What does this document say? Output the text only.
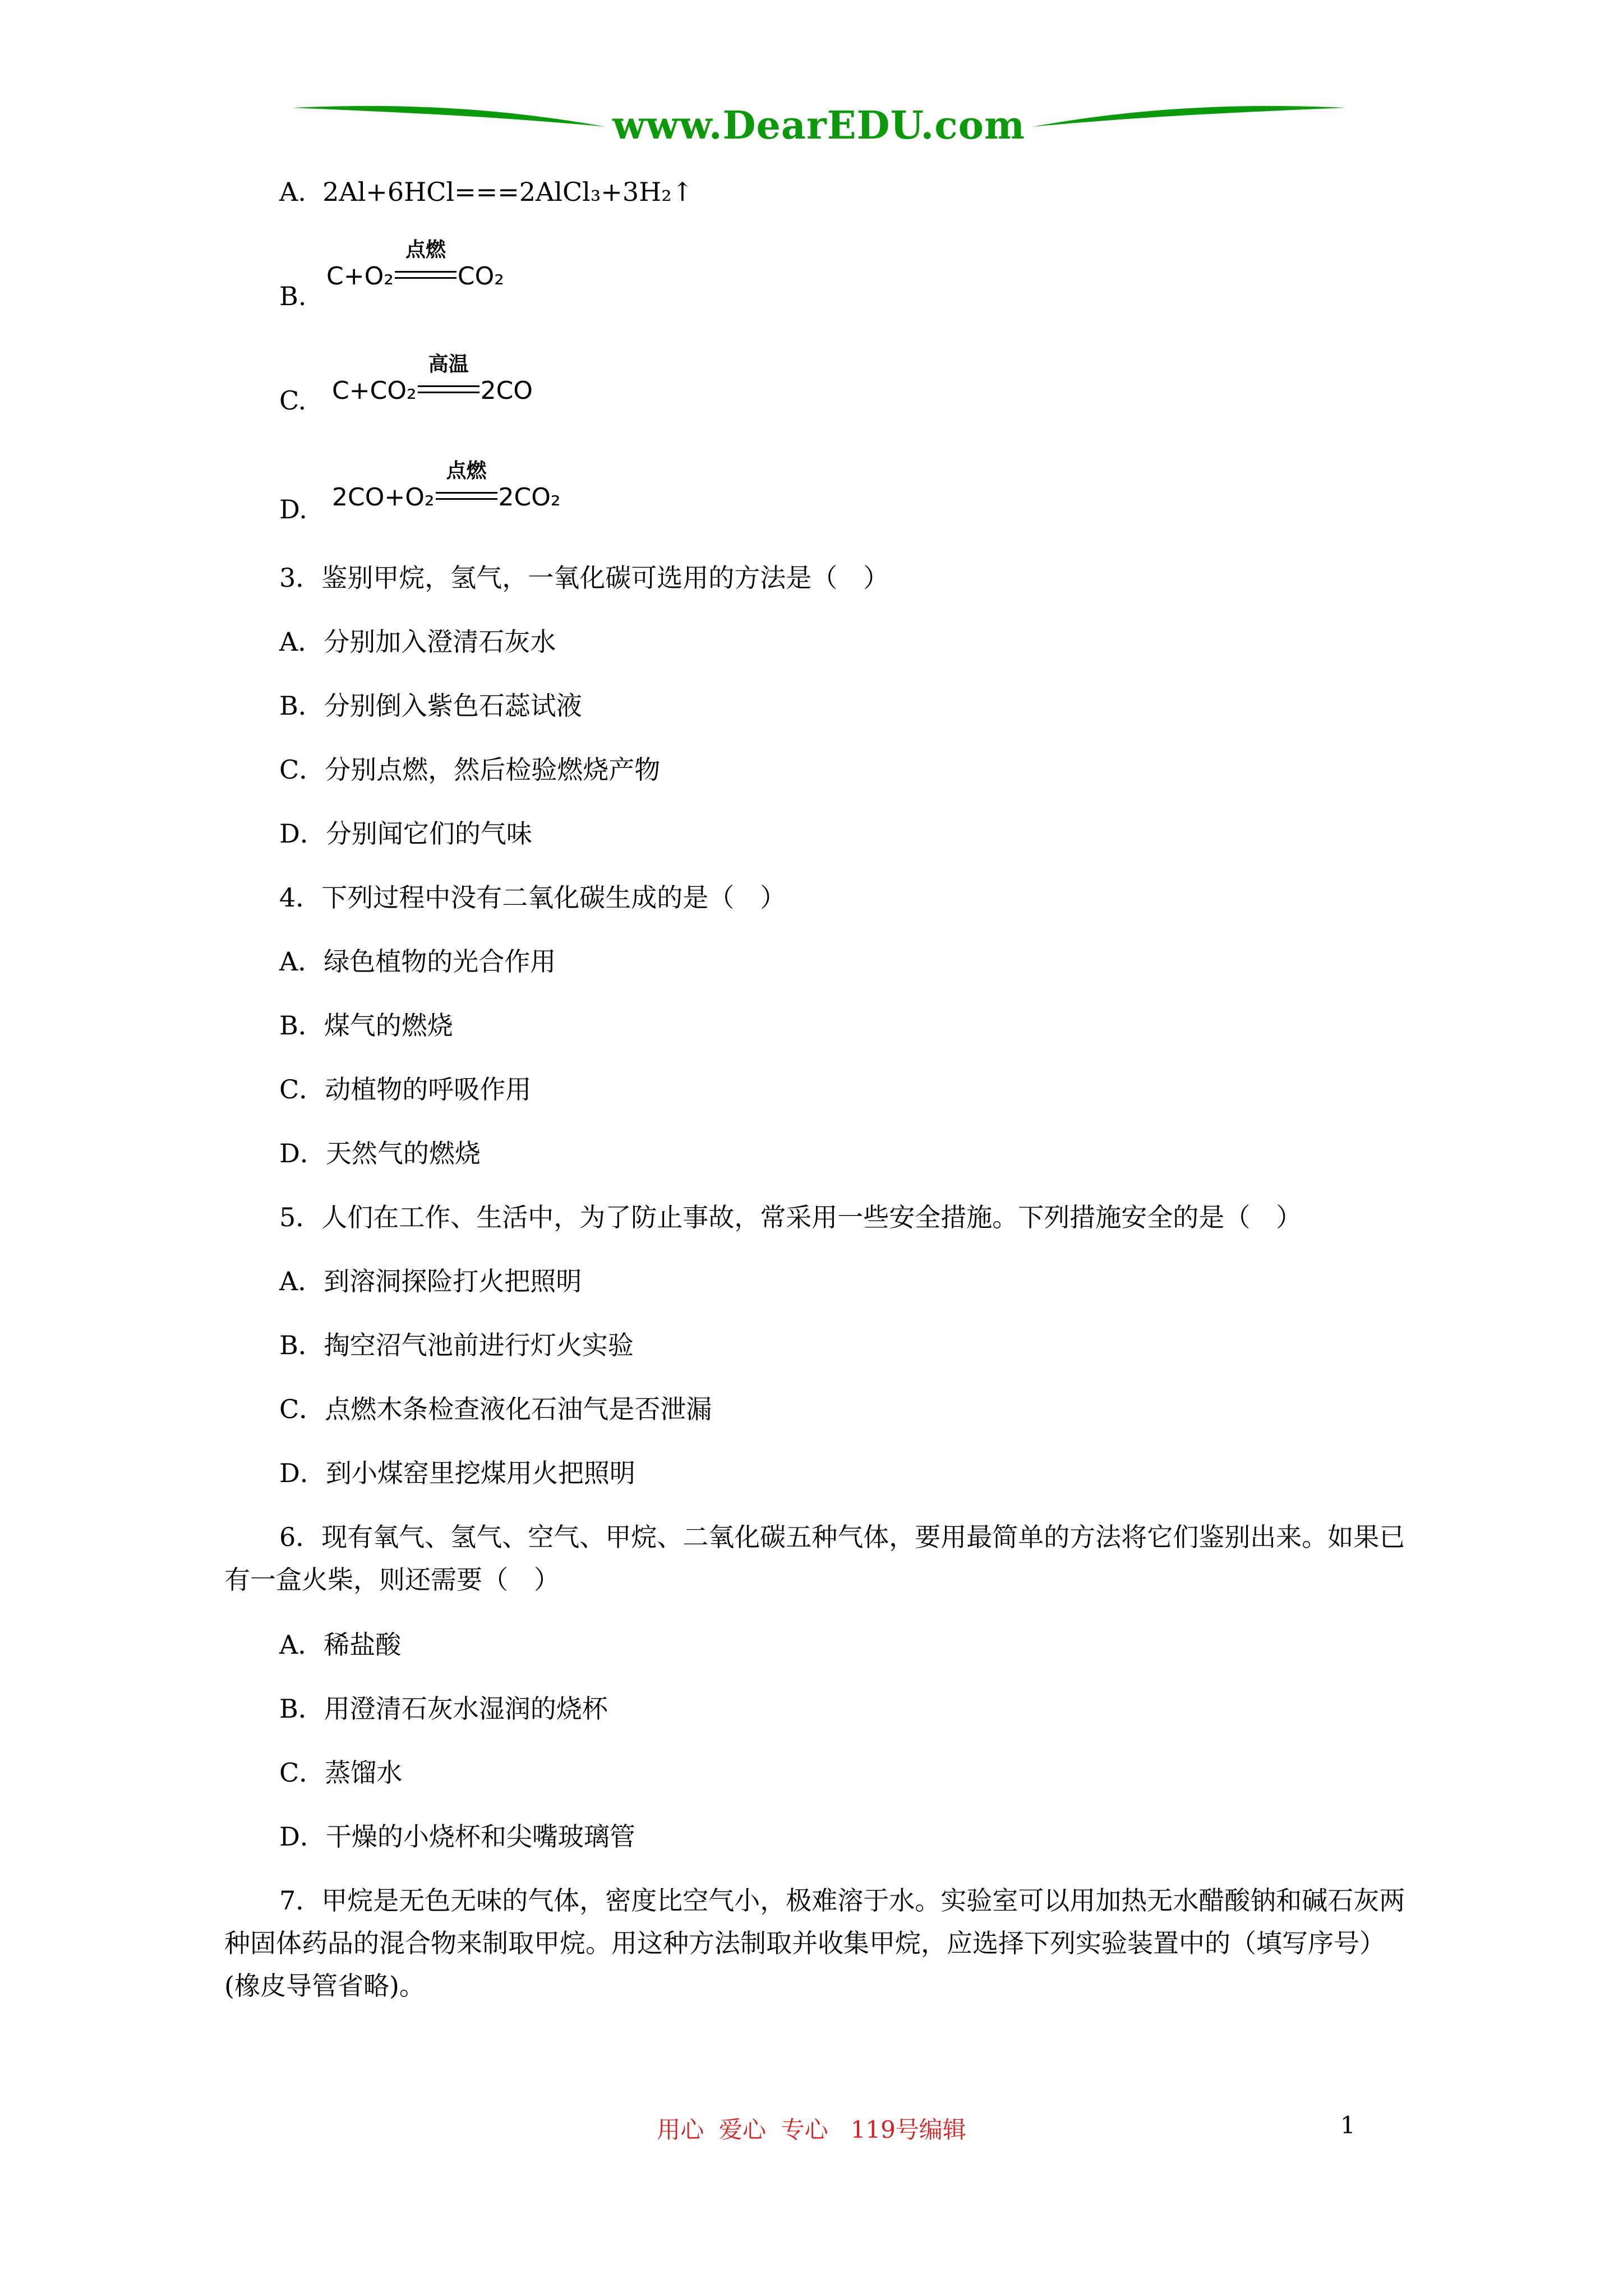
www.DearEDU.com
A. 2Al+6HCl===2AlCl₃+3H₂↑
B.
C+O₂
点燃
CO₂
C. C+CO₂
高温
2CO
D. 2CO+O₂
点燃
2CO₂
3．鉴别甲烷，氢气，一氧化碳可选用的方法是（　）
A．分别加入澄清石灰水
B．分别倒入紫色石蕊试液
C．分别点燃，然后检验燃烧产物
D．分别闻它们的气味
4．下列过程中没有二氧化碳生成的是（　）
A．绿色植物的光合作用
B．煤气的燃烧
C．动植物的呼吸作用
D．天然气的燃烧
5．人们在工作、生活中，为了防止事故，常采用一些安全措施。下列措施安全的是（　）
A．到溶洞探险打火把照明
B．掏空沼气池前进行灯火实验
C．点燃木条检查液化石油气是否泄漏
D．到小煤窑里挖煤用火把照明
6．现有氧气、氢气、空气、甲烷、二氧化碳五种气体，要用最简单的方法将它们鉴别出来。如果已有一盒火柴，则还需要（　）
A．稀盐酸
B．用澄清石灰水湿润的烧杯
C．蒸馏水
D．干燥的小烧杯和尖嘴玻璃管
7．甲烷是无色无味的气体，密度比空气小，极难溶于水。实验室可以用加热无水醋酸钠和碱石灰两种固体药品的混合物来制取甲烷。用这种方法制取并收集甲烷，应选择下列实验装置中的（填写序号）(橡皮导管省略)。
用心  爱心  专心   119号编辑	1
